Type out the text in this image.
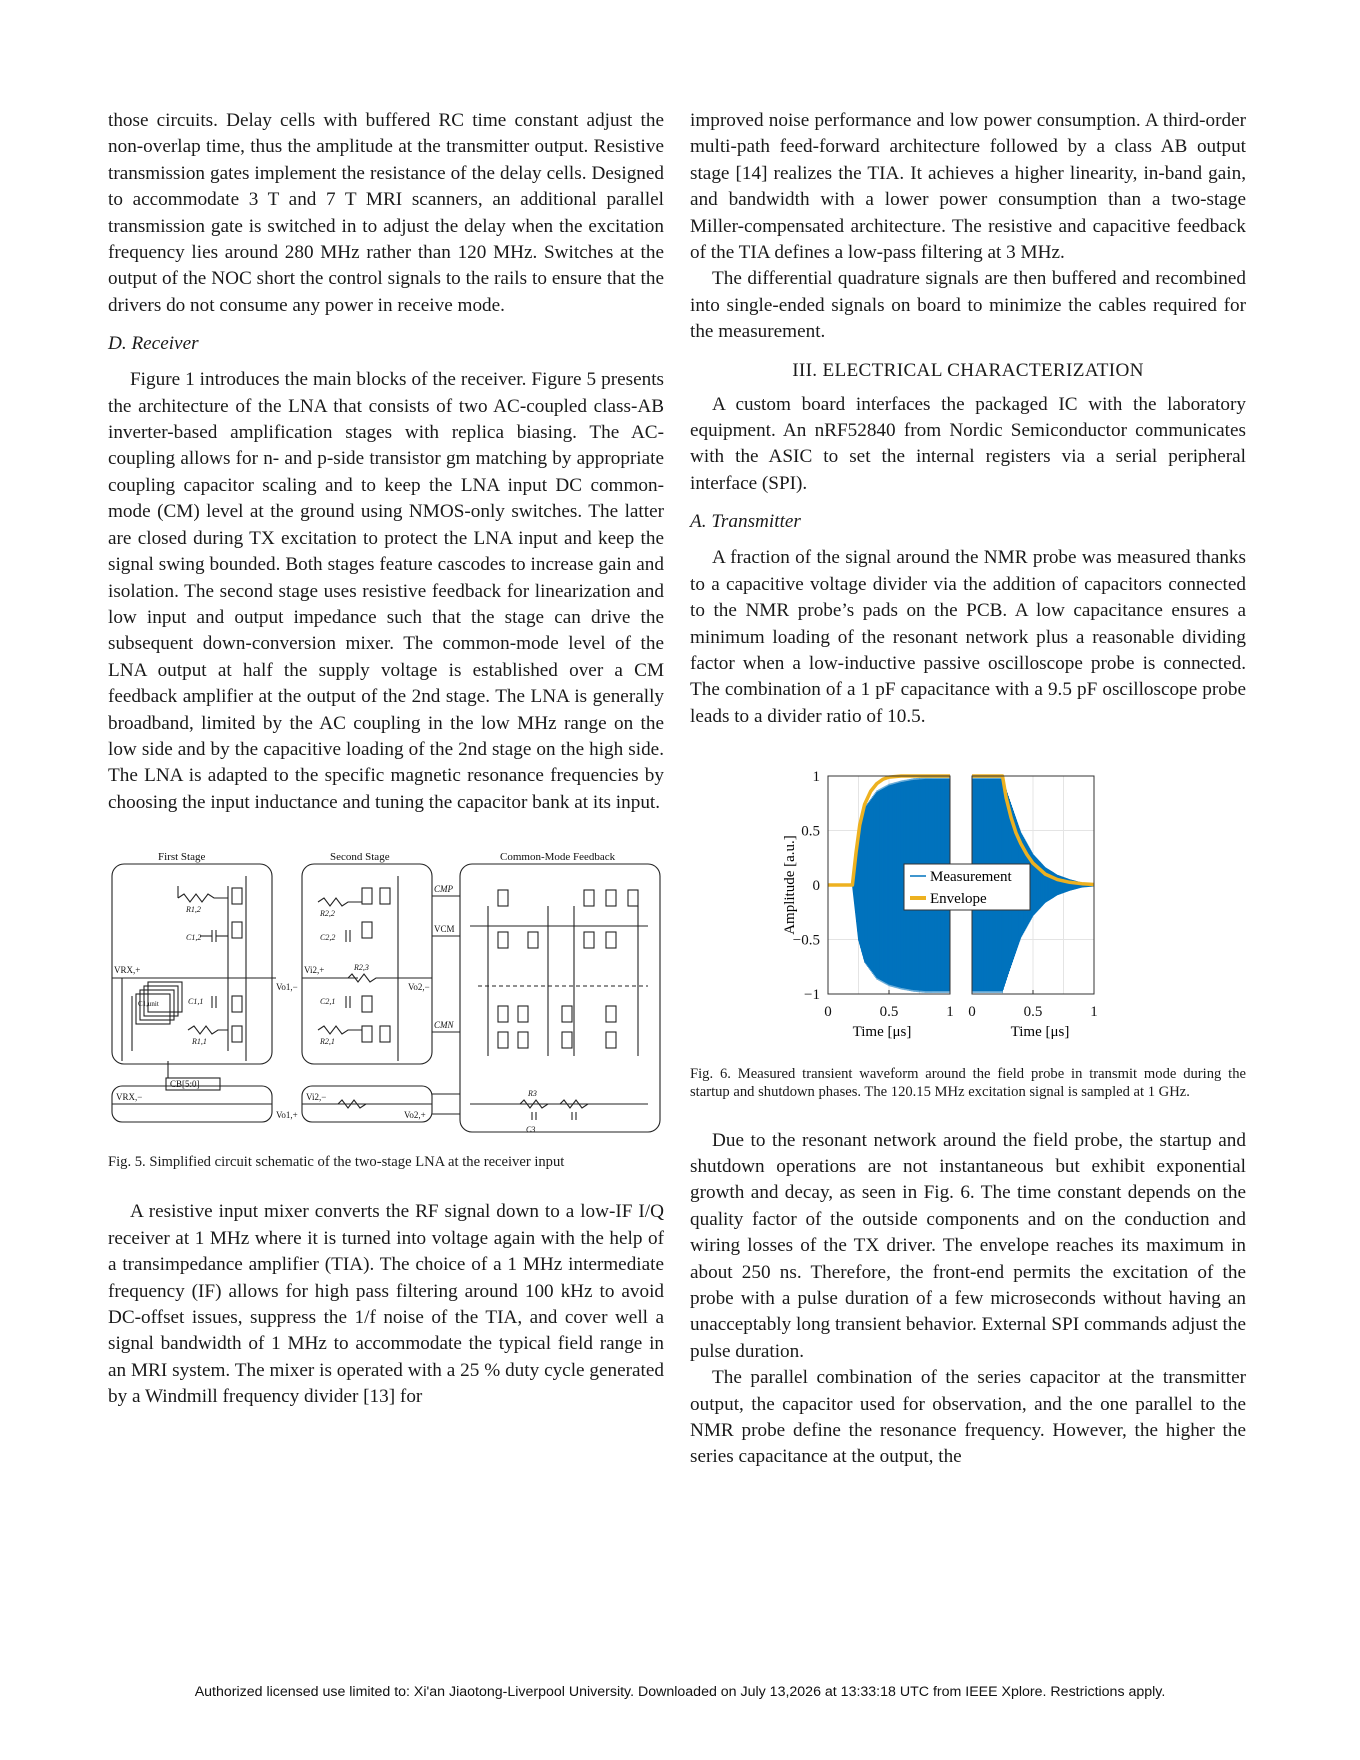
those circuits. Delay cells with buffered RC time constant adjust the non-overlap time, thus the amplitude at the transmitter output. Resistive transmission gates implement the resistance of the delay cells. Designed to accommodate 3 T and 7 T MRI scanners, an additional parallel transmission gate is switched in to adjust the delay when the excitation frequency lies around 280 MHz rather than 120 MHz. Switches at the output of the NOC short the control signals to the rails to ensure that the drivers do not consume any power in receive mode.

D. Receiver

Figure 1 introduces the main blocks of the receiver. Figure 5 presents the architecture of the LNA that consists of two AC-coupled class-AB inverter-based amplification stages with replica biasing. The AC-coupling allows for n- and p-side transistor gm matching by appropriate coupling capacitor scaling and to keep the LNA input DC common-mode (CM) level at the ground using NMOS-only switches. The latter are closed during TX excitation to protect the LNA input and keep the signal swing bounded. Both stages feature cascodes to increase gain and isolation. The second stage uses resistive feedback for linearization and low input and output impedance such that the stage can drive the subsequent down-conversion mixer. The common-mode level of the LNA output at half the supply voltage is established over a CM feedback amplifier at the output of the 2nd stage. The LNA is generally broadband, limited by the AC coupling in the low MHz range on the low side and by the capacitive loading of the 2nd stage on the high side. The LNA is adapted to the specific magnetic resonance frequencies by choosing the input inductance and tuning the capacitor bank at its input.

First Stage	Second Stage	Common-Mode Feedback
VRX,+
VRX,−
Vi2,+
Vi2,−
Vo1,−
Vo1,+
Vo2,−
Vo2,+
CMP
CMN
VCM
CB[5:0]
R1,2
R1,1
C1,2
C1,1
R2,2
R2,3
R2,1
C2,2
C2,1
R3
C3
C1,unit

Fig. 5. Simplified circuit schematic of the two-stage LNA at the receiver input

A resistive input mixer converts the RF signal down to a low-IF I/Q receiver at 1 MHz where it is turned into voltage again with the help of a transimpedance amplifier (TIA). The choice of a 1 MHz intermediate frequency (IF) allows for high pass filtering around 100 kHz to avoid DC-offset issues, suppress the 1/f noise of the TIA, and cover well a signal bandwidth of 1 MHz to accommodate the typical field range in an MRI system. The mixer is operated with a 25 % duty cycle generated by a Windmill frequency divider [13] for

improved noise performance and low power consumption. A third-order multi-path feed-forward architecture followed by a class AB output stage [14] realizes the TIA. It achieves a higher linearity, in-band gain, and bandwidth with a lower power consumption than a two-stage Miller-compensated architecture. The resistive and capacitive feedback of the TIA defines a low-pass filtering at 3 MHz.

The differential quadrature signals are then buffered and recombined into single-ended signals on board to minimize the cables required for the measurement.

III. ELECTRICAL CHARACTERIZATION

A custom board interfaces the packaged IC with the laboratory equipment. An nRF52840 from Nordic Semiconductor communicates with the ASIC to set the internal registers via a serial peripheral interface (SPI).

A. Transmitter

A fraction of the signal around the NMR probe was measured thanks to a capacitive voltage divider via the addition of capacitors connected to the NMR probe’s pads on the PCB. A low capacitance ensures a minimum loading of the resonant network plus a reasonable dividing factor when a low-inductive passive oscilloscope probe is connected. The combination of a 1 pF capacitance with a 9.5 pF oscilloscope probe leads to a divider ratio of 10.5.

0	0.5	1 0	0.5	1
1
0.5
0
−0.5
−1
Amplitude [a.u.]
Time [μs]	Time [μs]
Measurement
Envelope

Fig. 6. Measured transient waveform around the field probe in transmit mode during the startup and shutdown phases. The 120.15 MHz excitation signal is sampled at 1 GHz.

Due to the resonant network around the field probe, the startup and shutdown operations are not instantaneous but exhibit exponential growth and decay, as seen in Fig. 6. The time constant depends on the quality factor of the outside components and on the conduction and wiring losses of the TX driver. The envelope reaches its maximum in about 250 ns. Therefore, the front-end permits the excitation of the probe with a pulse duration of a few microseconds without having an unacceptably long transient behavior. External SPI commands adjust the pulse duration.

The parallel combination of the series capacitor at the transmitter output, the capacitor used for observation, and the one parallel to the NMR probe define the resonance frequency. However, the higher the series capacitance at the output, the

Authorized licensed use limited to: Xi'an Jiaotong-Liverpool University. Downloaded on July 13,2026 at 13:33:18 UTC from IEEE Xplore. Restrictions apply.
